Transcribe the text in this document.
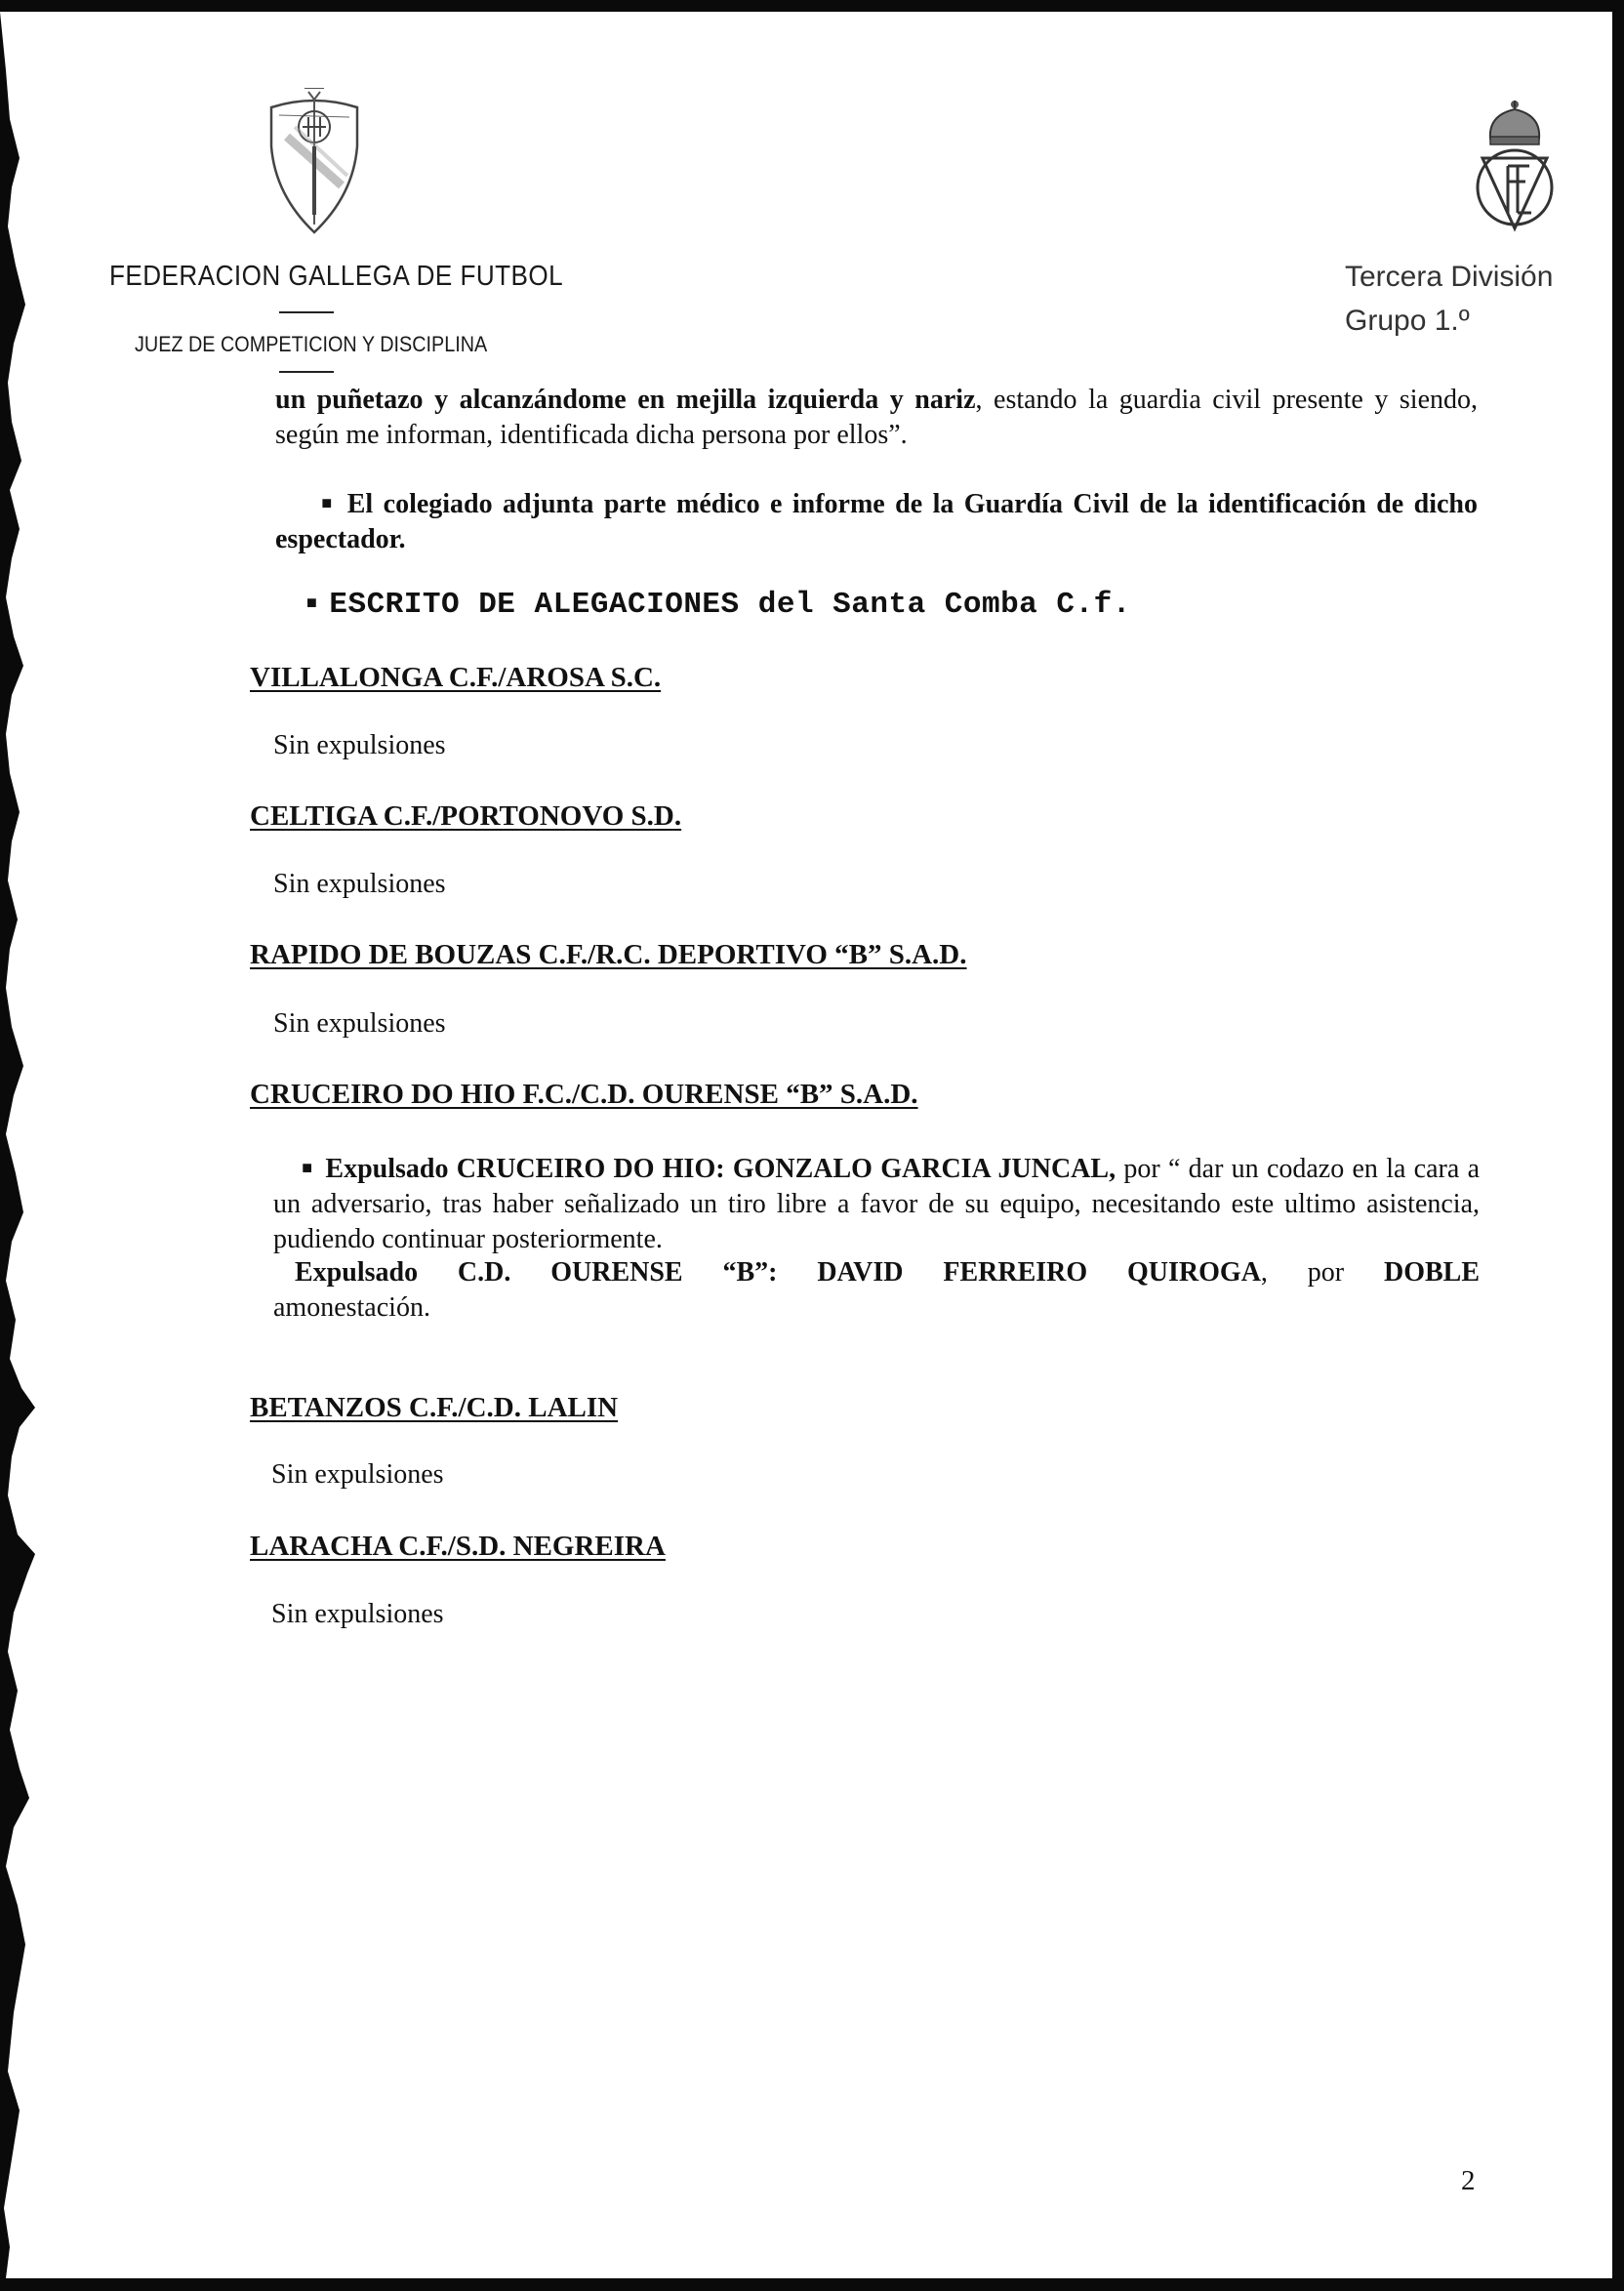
FEDERACION GALLEGA DE FUTBOL
JUEZ DE COMPETICION Y DISCIPLINA
Tercera División
Grupo 1.º
un puñetazo y alcanzándome en mejilla izquierda y nariz, estando la guardia civil presente y siendo, según me informan, identificada dicha persona por ellos”.
■ El colegiado adjunta parte médico e informe de la Guardía Civil de la identificación de dicho espectador.
■ ESCRITO DE ALEGACIONES del Santa Comba C.f.
VILLALONGA C.F./AROSA S.C.
Sin expulsiones
CELTIGA C.F./PORTONOVO S.D.
Sin expulsiones
RAPIDO DE BOUZAS C.F./R.C. DEPORTIVO “B” S.A.D.
Sin expulsiones
CRUCEIRO DO HIO F.C./C.D. OURENSE “B” S.A.D.
■ Expulsado CRUCEIRO DO HIO: GONZALO GARCIA JUNCAL, por “ dar un codazo en la cara a un adversario, tras haber señalizado un tiro libre a favor de su equipo, necesitando este ultimo asistencia, pudiendo continuar posteriormente.
Expulsado C.D. OURENSE “B”: DAVID FERREIRO QUIROGA, por DOBLE
amonestación.
BETANZOS C.F./C.D. LALIN
Sin expulsiones
LARACHA C.F./S.D. NEGREIRA
Sin expulsiones
2
